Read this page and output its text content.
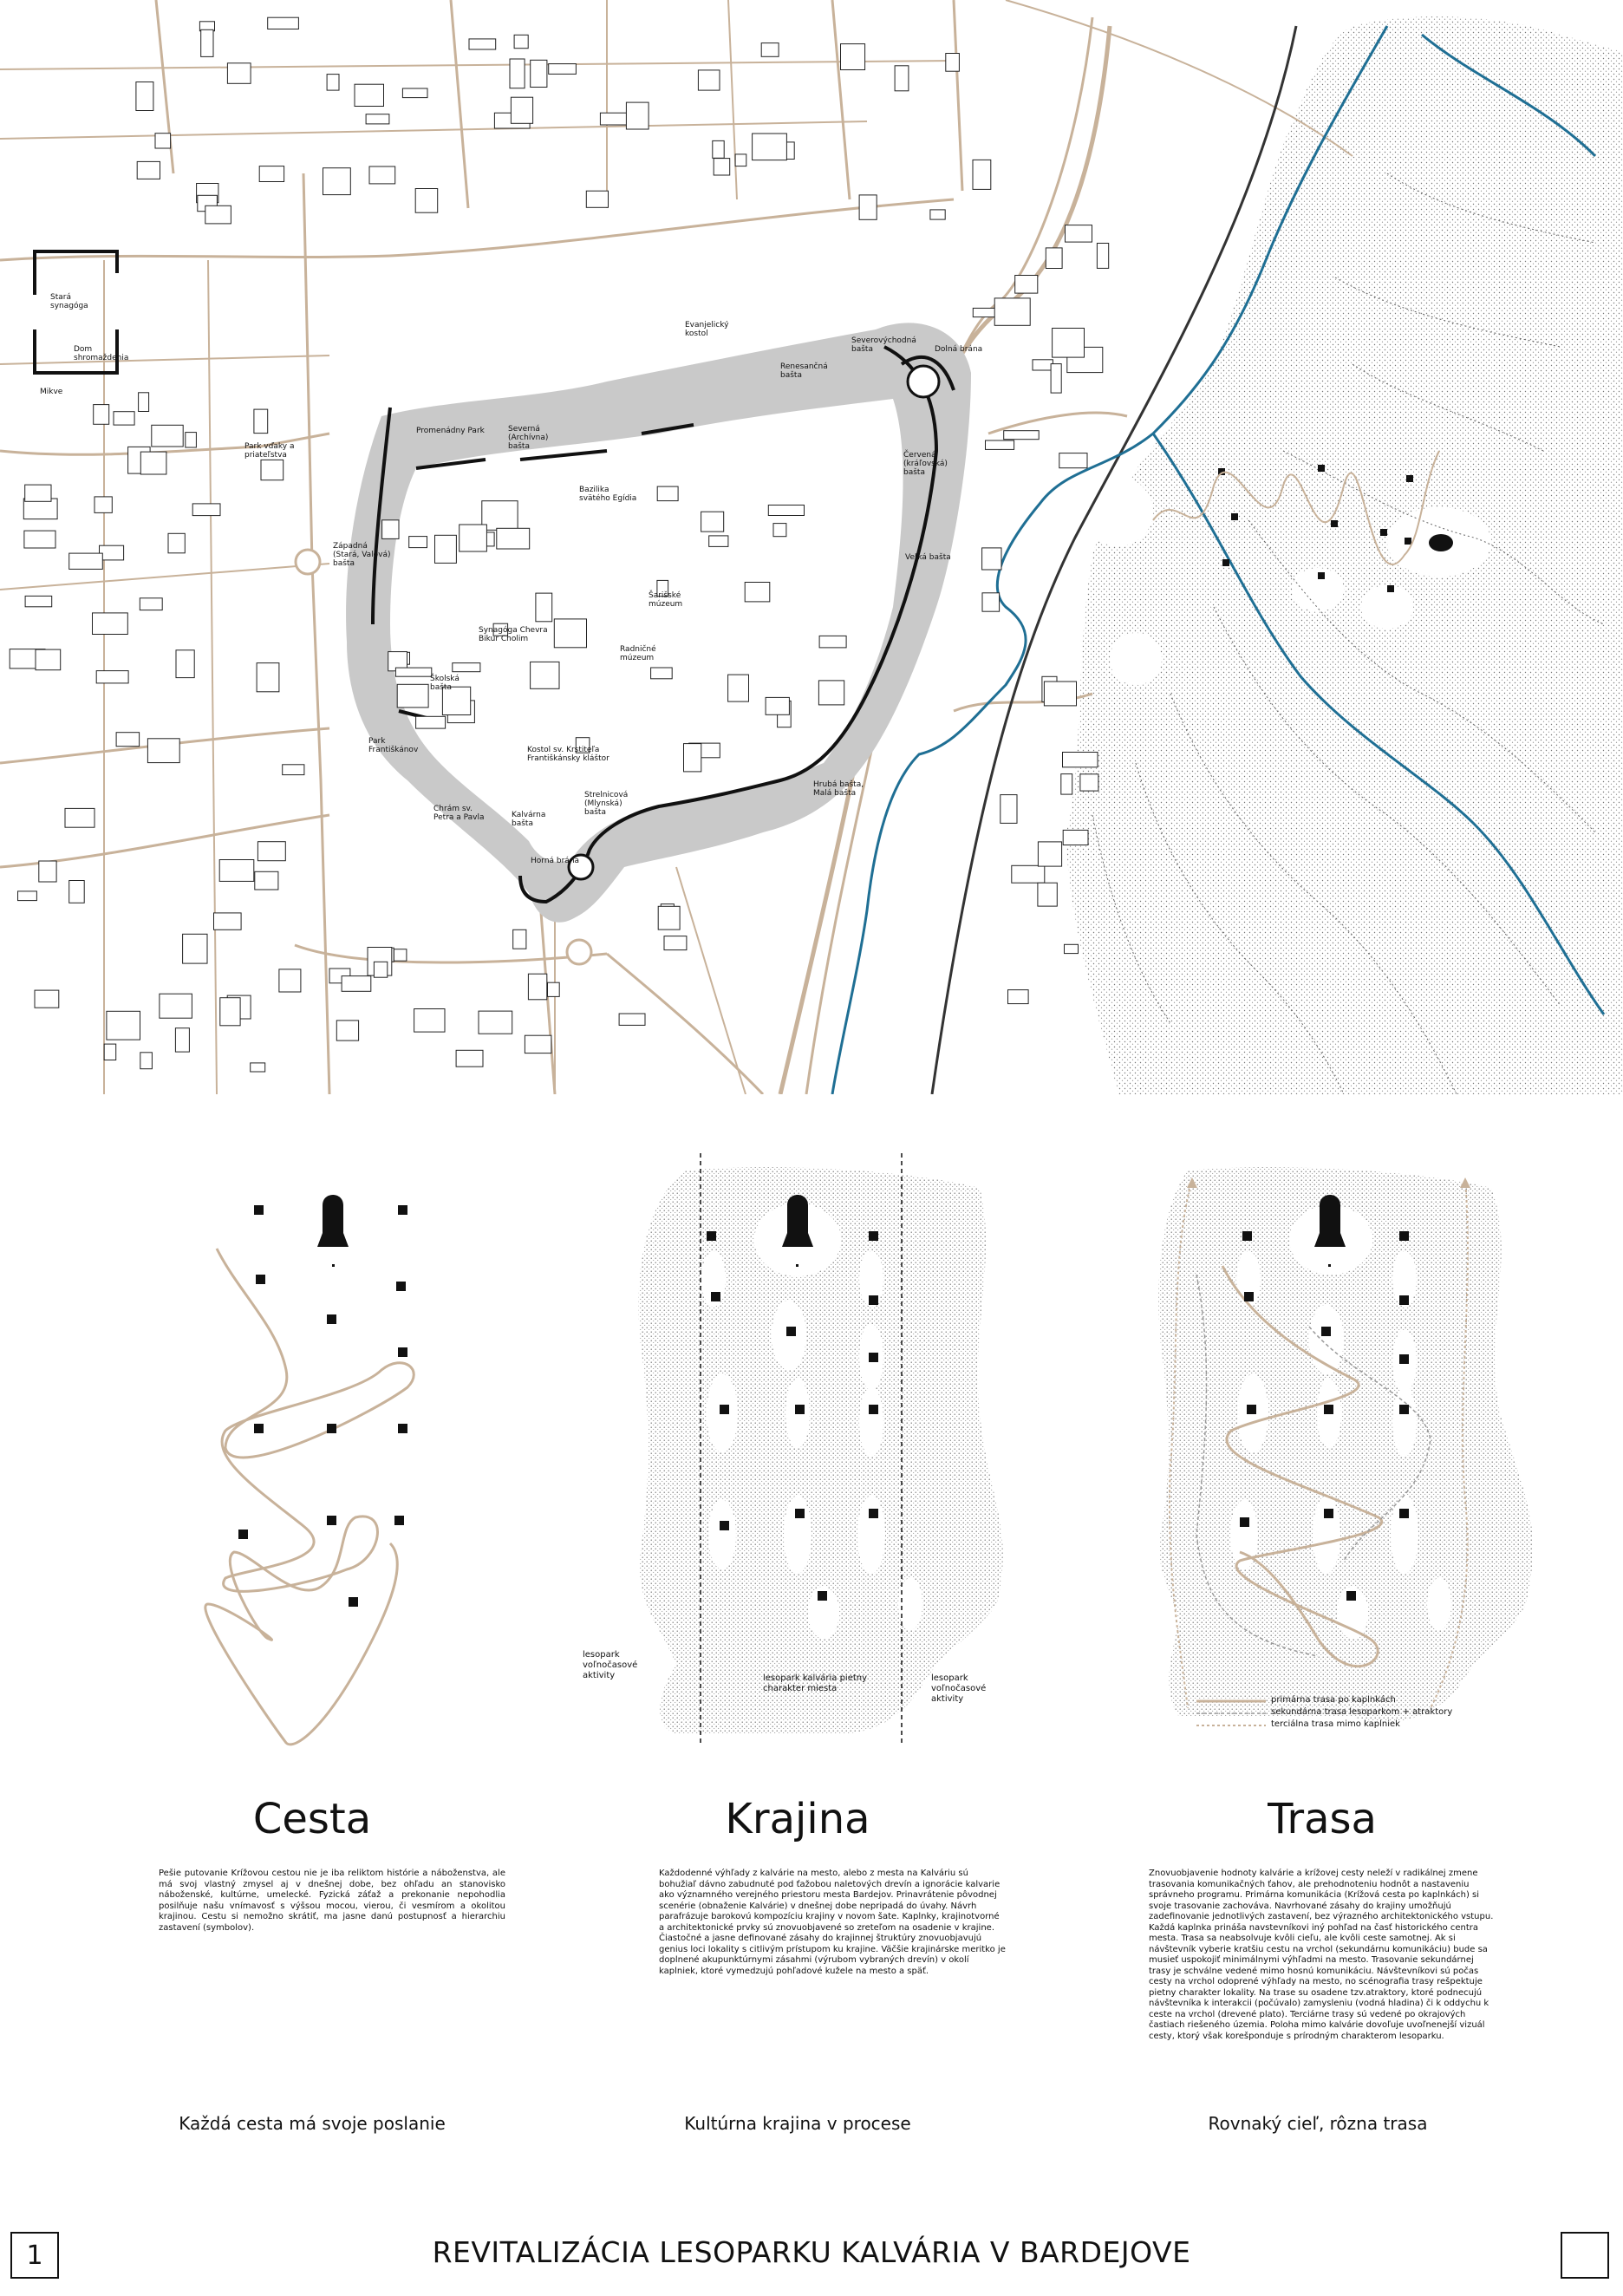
Stará synagóga
Dom shromaždenia
Mikve
Park vďaky a priateľstva
Promenádny Park	Severná (Archívna) bašta
Evanjelický kostol
Severovýchodná bašta
Renesančná bašta
Dolná brána
Červená (kráľovská) bašta
Bazilika svätého Egídia
Západná (Stará, Valová) bašta
Veľká bašta
Šarišské múzeum
Synagóga Chevra Bikur Cholim
Radničné múzeum
Školská bašta
Park Františkánov	Kostol sv. Krstiteľa Františkánsky kláštor
Chrám sv. Petra a Pavla	Kalvárna bašta
Strelnicová (Mlynská) bašta
Hrubá bašta, Malá bašta
Horná brána
lesopark voľnočasové aktivity	lesopark kalvária pietny charakter miesta
lesopark voľnočasové aktivity	primárna trasa po kaplnkách
sekundárna trasa lesoparkom + atraktory
terciálna trasa mimo kaplniek
Cesta	Krajina	Trasa
Pešie putovanie Krížovou cestou nie je iba reliktom histórie a náboženstva, ale má svoj vlastný zmysel aj v dnešnej dobe, bez ohľadu an stanovisko náboženské, kultúrne, umelecké. Fyzická záťaž a prekonanie nepohodlia posilňuje našu vnímavosť s výšsou mocou, vierou, či vesmírom a okolitou krajinou. Cestu si nemožno skrátiť, ma jasne danú postupnosť a hierarchiu zastavení (symbolov).
Každodenné výhľady z kalvárie na mesto, alebo z mesta na Kalváriu sú bohužiaľ dávno zabudnuté pod ťažobou naletových drevín a ignorácie kalvarie ako významného verejného priestoru mesta Bardejov. Prinavrátenie pôvodnej scenérie (obnaženie Kalvárie) v dnešnej dobe nepripadá do úvahy. Návrh parafrázuje barokovú kompozíciu krajiny v novom šate. Kaplnky, krajinotvorné a architektonické prvky sú znovuobjavené so zreteľom na osadenie v krajine. Čiastočné a jasne definované zásahy do krajinnej štruktúry znovuobjavujú genius loci lokality s citlivým prístupom ku krajine. Väčšie krajinárske meritko je doplnené akupunktúrnymi zásahmi (výrubom vybraných drevín) v okolí kaplniek, ktoré vymedzujú pohľadové kužele na mesto a späť.
Znovuobjavenie hodnoty kalvárie a krížovej cesty neleží v radikálnej zmene trasovania komunikačných ťahov, ale prehodnoteniu hodnôt a nastaveniu správneho programu. Primárna komunikácia (Krížová cesta po kaplnkách) si svoje trasovanie zachováva. Navrhované zásahy do krajiny umožňujú zadefinovanie jednotlivých zastavení, bez výrazného architektonického vstupu. Každá kaplnka prináša navstevníkovi iný pohľad na časť historického centra mesta. Trasa sa neabsolvuje kvôli cieľu, ale kvôli ceste samotnej. Ak si návštevník vyberie kratšiu cestu na vrchol (sekundárnu komunikáciu) bude sa musieť uspokojiť minimálnymi výhľadmi na mesto. Trasovanie sekundárnej trasy je schválne vedené mimo hosnú komunikáciu. Návštevníkovi sú počas cesty na vrchol odoprené výhľady na mesto, no scénografia trasy rešpektuje pietny charakter lokality. Na trase su osadene tzv.atraktory, ktoré podnecujú návštevníka k interakcii (počúvalo) zamysleniu (vodná hladina) či k oddychu k ceste na vrchol (drevené plato). Terciárne trasy sú vedené po okrajových častiach riešeného územia. Poloha mimo kalvárie dovoľuje uvoľnenejší vizuál cesty, ktorý však korešponduje s prírodným charakterom lesoparku.
Každá cesta má svoje poslanie	Kultúrna krajina v procese	Rovnaký cieľ, rôzna trasa
1	REVITALIZÁCIA LESOPARKU KALVÁRIA V BARDEJOVE
